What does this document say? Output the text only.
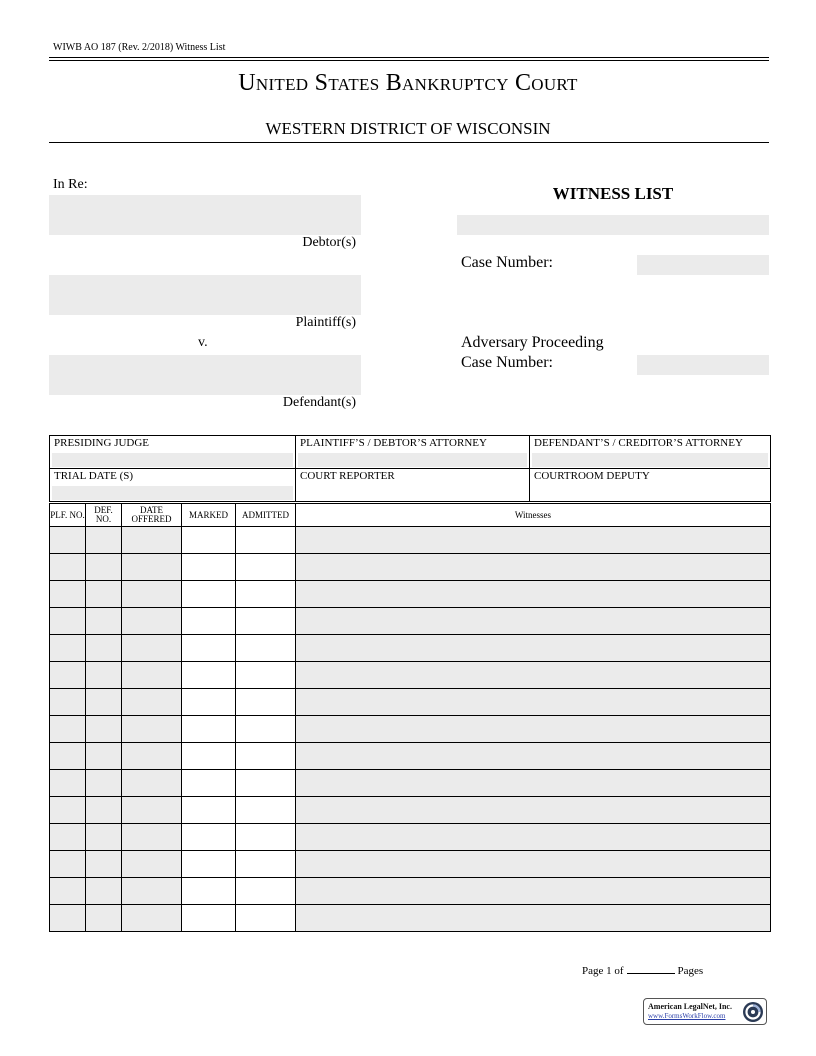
WIWB AO 187 (Rev. 2/2018) Witness List
United States Bankruptcy Court
WESTERN DISTRICT OF WISCONSIN
In Re:
Debtor(s)
Plaintiff(s)
v.
Defendant(s)
WITNESS LIST
Case Number:
Adversary Proceeding
Case Number:
PRESIDING JUDGE	PLAINTIFF’S / DEBTOR’S ATTORNEY	DEFENDANT’S / CREDITOR’S ATTORNEY

TRIAL DATE (S)	COURT REPORTER	COURTROOM DEPUTY
PLF. NO.	DEF. NO.	DATE OFFERED	MARKED	ADMITTED	Witnesses

Page 1 of	Pages
American LegalNet, Inc.
www.FormsWorkFlow.com
